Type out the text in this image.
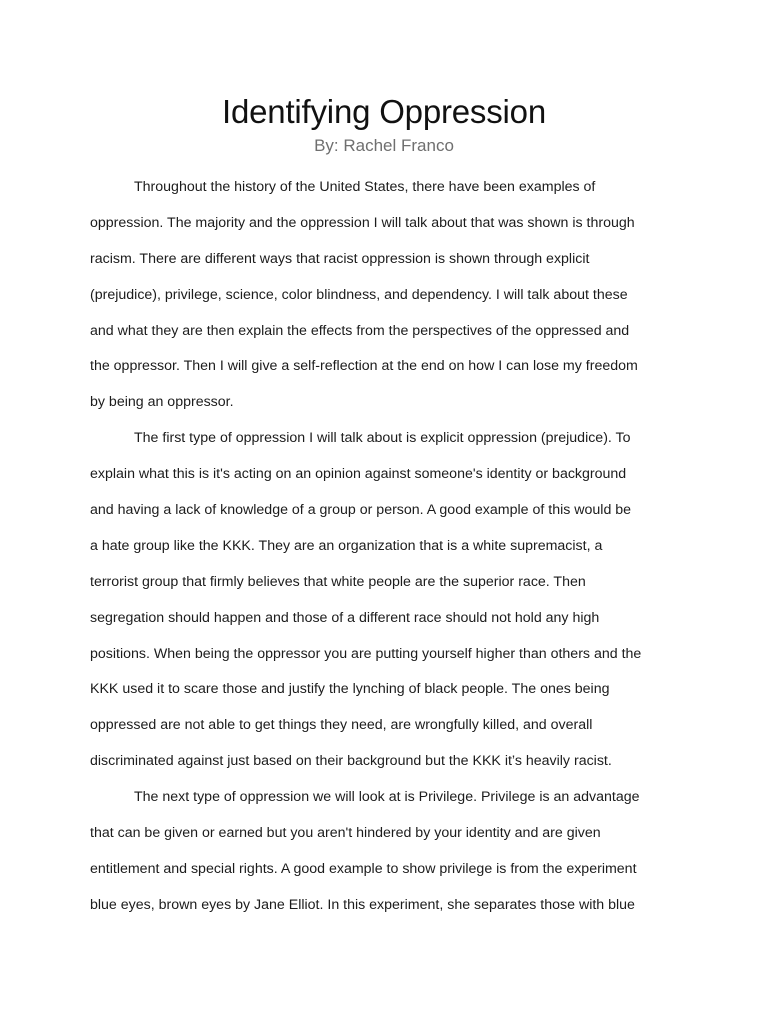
Identifying Oppression
By: Rachel Franco
Throughout the history of the United States, there have been examples of
oppression. The majority and the oppression I will talk about that was shown is through
racism. There are different ways that racist oppression is shown through explicit
(prejudice), privilege, science, color blindness, and dependency. I will talk about these
and what they are then explain the effects from the perspectives of the oppressed and
the oppressor. Then I will give a self-reflection at the end on how I can lose my freedom
by being an oppressor.
The first type of oppression I will talk about is explicit oppression (prejudice). To
explain what this is it's acting on an opinion against someone's identity or background
and having a lack of knowledge of a group or person. A good example of this would be
a hate group like the KKK. They are an organization that is a white supremacist, a
terrorist group that firmly believes that white people are the superior race. Then
segregation should happen and those of a different race should not hold any high
positions. When being the oppressor you are putting yourself higher than others and the
KKK used it to scare those and justify the lynching of black people. The ones being
oppressed are not able to get things they need, are wrongfully killed, and overall
discriminated against just based on their background but the KKK it’s heavily racist.
The next type of oppression we will look at is Privilege. Privilege is an advantage
that can be given or earned but you aren't hindered by your identity and are given
entitlement and special rights. A good example to show privilege is from the experiment
blue eyes, brown eyes by Jane Elliot. In this experiment, she separates those with blue
